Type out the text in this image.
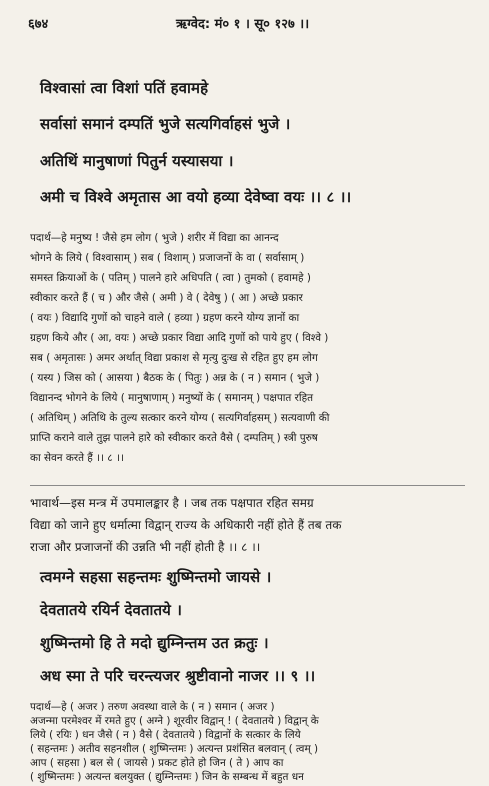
६७४	ऋग्वेद: मं० १ । सू० १२७ ।।
विश्वासां त्वा विशां पतिं हवामहे
सर्वासां समानं दम्पतिं भुजे सत्यगिर्वाहसं भुजे ।
अतिथिं मानुषाणां पितुर्न यस्यासया ।
अमी च विश्वे अमृतास आ वयो हव्या देवेष्वा वयः ।। ८ ।।
पदार्थ—हे मनुष्य ! जैसे हम लोग ( भुजे ) शरीर में विद्या का आनन्द
भोगने के लिये ( विश्वासाम् ) सब ( विशाम् ) प्रजाजनों के वा ( सर्वासाम् )
समस्त क्रियाओं के ( पतिम् ) पालने हारे अधिपति ( त्वा ) तुमको ( हवामहे )
स्वीकार करते हैं ( च ) और जैसे ( अमी ) वे ( देवेषु ) ( आ ) अच्छे प्रकार
( वयः ) विद्यादि गुणों को चाहने वाले ( हव्या ) ग्रहण करने योग्य ज्ञानों का
ग्रहण किये और ( आ, वयः ) अच्छे प्रकार विद्या आदि गुणों को पाये हुए ( विश्वे )
सब ( अमृतासः ) अमर अर्थात् विद्या प्रकाश से मृत्यु दुःख से रहित हुए हम लोग
( यस्य ) जिस को ( आसया ) बैठक के ( पितुः ) अन्न के ( न ) समान ( भुजे )
विद्यानन्द भोगने के लिये ( मानुषाणाम् ) मनुष्यों के ( समानम् ) पक्षपात रहित
( अतिथिम् ) अतिथि के तुल्य सत्कार करने योग्य ( सत्यगिर्वाहसम् ) सत्यवाणी की
प्राप्ति कराने वाले तुझ पालने हारे को स्वीकार करते वैसे ( दम्पतिम् ) स्त्री पुरुष
का सेवन करते हैं ।। ८ ।।
भावार्थ—इस मन्त्र में उपमालङ्कार है । जब तक पक्षपात रहित समग्र
विद्या को जाने हुए धर्मात्मा विद्वान् राज्य के अधिकारी नहीं होते हैं तब तक
राजा और प्रजाजनों की उन्नति भी नहीं होती है ।। ८ ।।
त्वमग्ने सहसा सहन्तमः शुष्मिन्तमो जायसे ।
देवतातये रयिर्न देवतातये ।
शुष्मिन्तमो हि ते मदो द्युम्निन्तम उत क्रतुः ।
अध स्मा ते परि चरन्त्यजर श्रुष्टीवानो नाजर ।। ९ ।।
पदार्थ—हे ( अजर ) तरुण अवस्था वाले के ( न ) समान ( अजर )
अजन्मा परमेश्वर में रमते हुए ( अग्ने ) शूरवीर विद्वान् ! ( देवतातये ) विद्वान् के
लिये ( रयिः ) धन जैसे ( न ) वैसे ( देवतातये ) विद्वानों के सत्कार के लिये
( सहन्तमः ) अतीव सहनशील ( शुष्मिन्तमः ) अत्यन्त प्रशंसित बलवान् ( त्वम् )
आप ( सहसा ) बल से ( जायसे ) प्रकट होते हो जिन ( ते ) आप का
( शुष्मिन्तमः ) अत्यन्त बलयुक्त ( द्युम्निन्तमः ) जिन के सम्बन्ध में बहुत धन
